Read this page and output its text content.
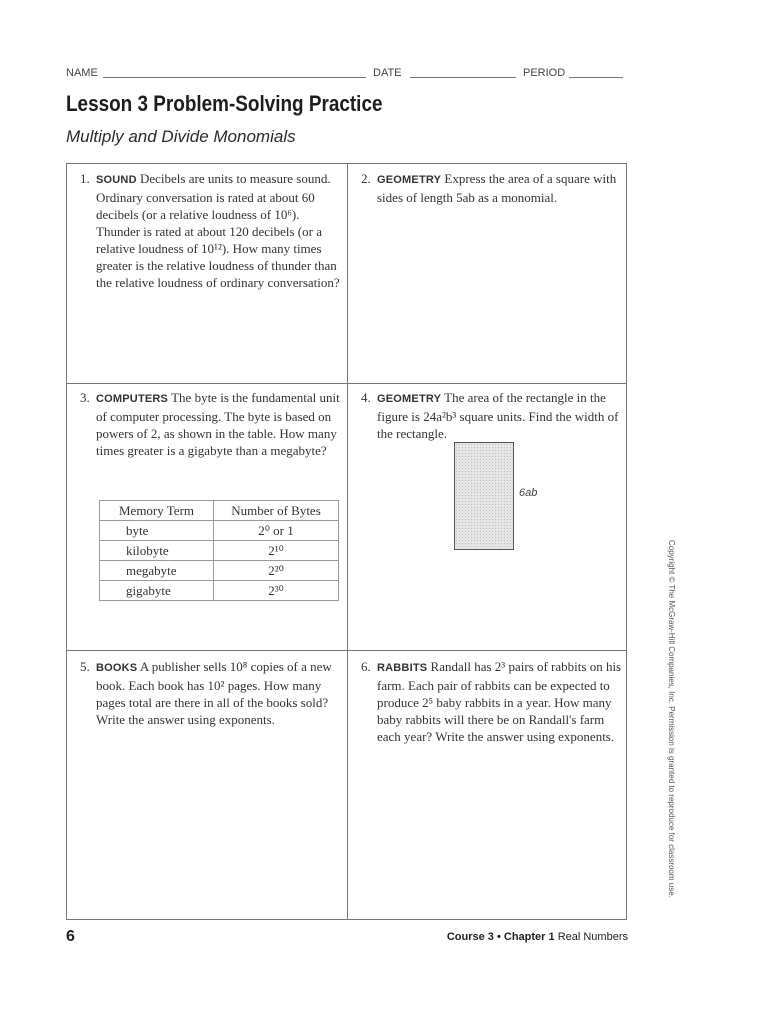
NAME	DATE	PERIOD
Lesson 3 Problem-Solving Practice
Multiply and Divide Monomials
1. SOUND Decibels are units to measure sound. Ordinary conversation is rated at about 60 decibels (or a relative loudness of 10⁶). Thunder is rated at about 120 decibels (or a relative loudness of 10¹²). How many times greater is the relative loudness of thunder than the relative loudness of ordinary conversation?
2. GEOMETRY Express the area of a square with sides of length 5ab as a monomial.
3. COMPUTERS The byte is the fundamental unit of computer processing. The byte is based on powers of 2, as shown in the table. How many times greater is a gigabyte than a megabyte?
Memory Term	Number of Bytes
byte	2⁰ or 1
kilobyte	2¹⁰
megabyte	2²⁰
gigabyte	2³⁰
4. GEOMETRY The area of the rectangle in the figure is 24a²b³ square units. Find the width of the rectangle.
6ab
5. BOOKS A publisher sells 10⁸ copies of a new book. Each book has 10² pages. How many pages total are there in all of the books sold? Write the answer using exponents.
6. RABBITS Randall has 2³ pairs of rabbits on his farm. Each pair of rabbits can be expected to produce 2⁵ baby rabbits in a year. How many baby rabbits will there be on Randall's farm each year? Write the answer using exponents.
6	Course 3 • Chapter 1 Real Numbers
Copyright © The McGraw-Hill Companies, Inc. Permission is granted to reproduce for classroom use.
